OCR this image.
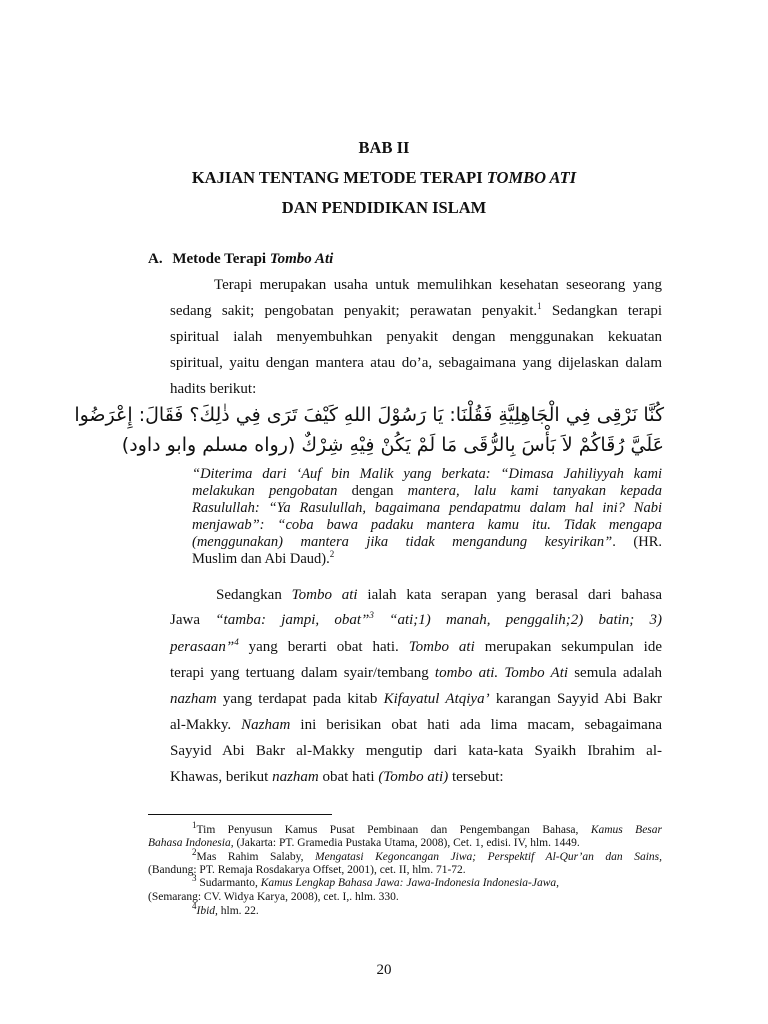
BAB II
KAJIAN TENTANG METODE TERAPI TOMBO ATI
DAN PENDIDIKAN ISLAM
A. Metode Terapi Tombo Ati
Terapi merupakan usaha untuk memulihkan kesehatan seseorang yang
sedang sakit; pengobatan penyakit; perawatan penyakit.$^1$ Sedangkan terapi
spiritual ialah menyembuhkan penyakit dengan menggunakan kekuatan
spiritual, yaitu dengan mantera atau do’a, sebagaimana yang dijelaskan dalam
hadits berikut:
كُنَّا نَرْقِى فِي الْجَاهِلِيَّةِ فَقُلْنَا: يَا رَسُوْلَ اللهِ كَيْفَ تَرَى فِي ذٰلِكَ؟ فَقَالَ: إِعْرَضُوا
عَلَيَّ رُقَاكُمْ لاَ بَأْسَ بِالرُّقَى مَا لَمْ يَكُنْ فِيْهِ شِرْكٌ (رواه مسلم وابو داود)
“Diterima dari ‘Auf bin Malik yang berkata: “Dimasa Jahiliyyah kami
melakukan pengobatan dengan mantera, lalu kami tanyakan kepada
Rasulullah: “Ya Rasulullah, bagaimana pendapatmu dalam hal ini? Nabi
menjawab”: “coba bawa padaku mantera kamu itu. Tidak mengapa
(menggunakan) mantera jika tidak mengandung kesyirikan”. (HR.
Muslim dan Abi Daud).$^2$
Sedangkan Tombo ati ialah kata serapan yang berasal dari bahasa
Jawa “tamba: jampi, obat”$^3$ “ati;1) manah, penggalih;2) batin; 3)
perasaan”$^4$ yang berarti obat hati. Tombo ati merupakan sekumpulan ide
terapi yang tertuang dalam syair/tembang tombo ati. Tombo Ati semula adalah
nazham yang terdapat pada kitab Kifayatul Atqiya’ karangan Sayyid Abi Bakr
al-Makky. Nazham ini berisikan obat hati ada lima macam, sebagaimana
Sayyid Abi Bakr al-Makky mengutip dari kata-kata Syaikh Ibrahim al-
Khawas, berikut nazham obat hati (Tombo ati) tersebut:
$^1$Tim Penyusun Kamus Pusat Pembinaan dan Pengembangan Bahasa, Kamus Besar
Bahasa Indonesia, (Jakarta: PT. Gramedia Pustaka Utama, 2008), Cet. 1, edisi. IV, hlm. 1449.
$^2$Mas Rahim Salaby, Mengatasi Kegoncangan Jiwa; Perspektif Al-Qur’an dan Sains,
(Bandung: PT. Remaja Rosdakarya Offset, 2001), cet. II, hlm. 71-72.
$^3$ Sudarmanto, Kamus Lengkap Bahasa Jawa: Jawa-Indonesia Indonesia-Jawa,
(Semarang: CV. Widya Karya, 2008), cet. I,. hlm. 330.
$^4$Ibid, hlm. 22.
20
